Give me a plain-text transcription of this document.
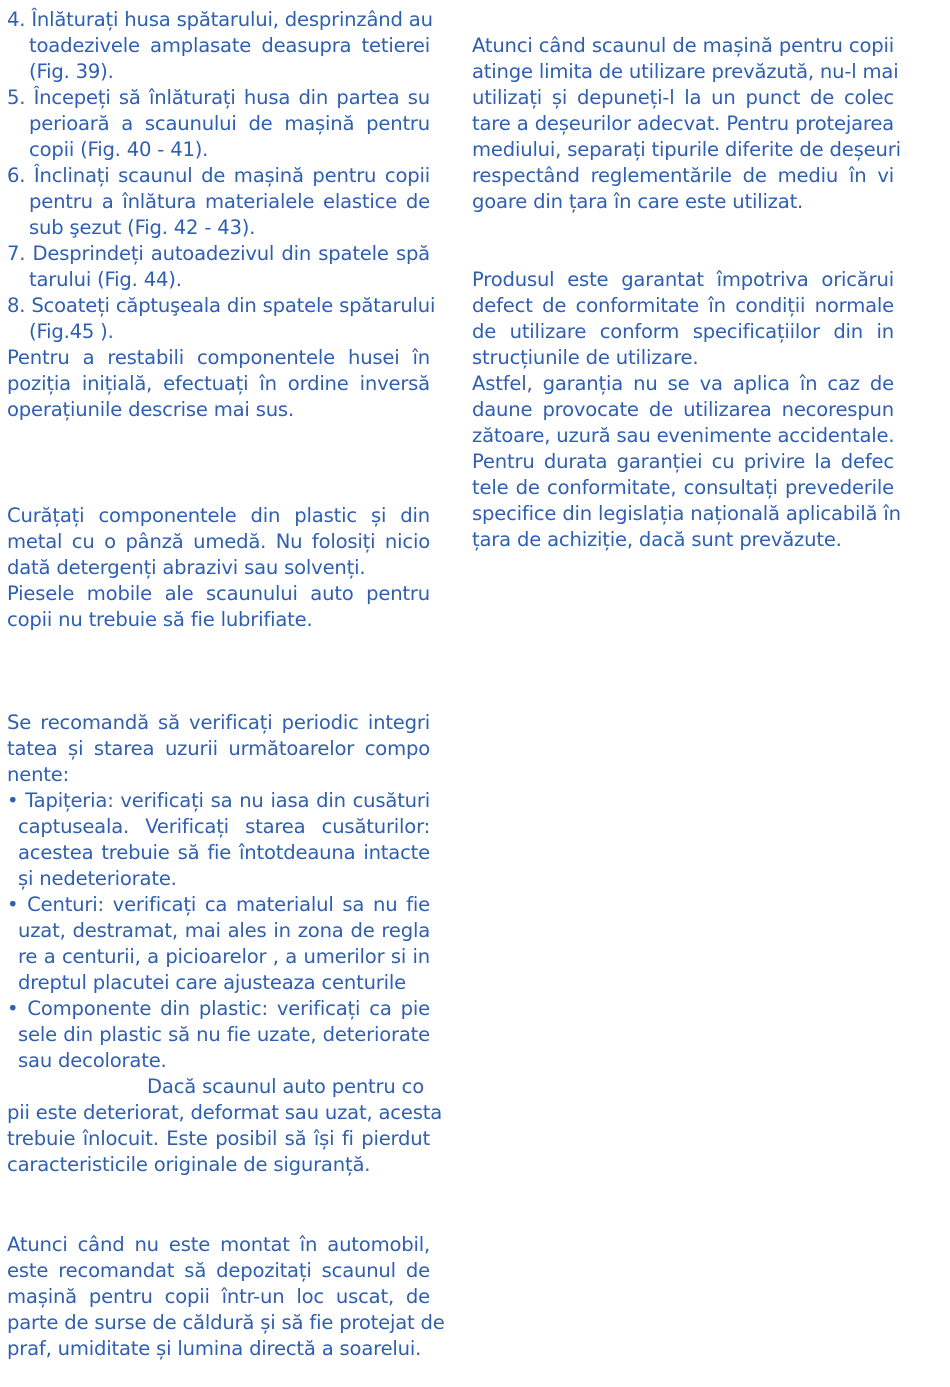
4. Înlăturați husa spătarului, desprinzând au
toadezivele amplasate deasupra tetierei
(Fig. 39).
5. Începeți să înlăturați husa din partea su
perioară a scaunului de mașină pentru
copii (Fig. 40 - 41).
6. Înclinați scaunul de mașină pentru copii
pentru a înlătura materialele elastice de
sub şezut (Fig. 42 - 43).
7. Desprindeți autoadezivul din spatele spă
tarului (Fig. 44).
8. Scoateți căptuşeala din spatele spătarului
(Fig.45 ).
Pentru a restabili componentele husei în
poziția inițială, efectuați în ordine inversă
operațiunile descrise mai sus.
Curățați componentele din plastic și din
metal cu o pânză umedă. Nu folosiți nicio
dată detergenți abrazivi sau solvenți.
Piesele mobile ale scaunului auto pentru
copii nu trebuie să fie lubrifiate.
Se recomandă să verificați periodic integri
tatea și starea uzurii următoarelor compo
nente:
• Tapițeria: verificați sa nu iasa din cusături
captuseala. Verificați starea cusăturilor:
acestea trebuie să fie întotdeauna intacte
și nedeteriorate.
• Centuri: verificați ca materialul sa nu fie
uzat, destramat, mai ales in zona de regla
re a centurii, a picioarelor , a umerilor si in
dreptul placutei care ajusteaza centurile
• Componente din plastic: verificați ca pie
sele din plastic să nu fie uzate, deteriorate
sau decolorate.
Dacă scaunul auto pentru co
pii este deteriorat, deformat sau uzat, acesta
trebuie înlocuit. Este posibil să își fi pierdut
caracteristicile originale de siguranță.
Atunci când nu este montat în automobil,
este recomandat să depozitați scaunul de
mașină pentru copii într-un loc uscat, de
parte de surse de căldură și să fie protejat de
praf, umiditate și lumina directă a soarelui.
Atunci când scaunul de mașină pentru copii
atinge limita de utilizare prevăzută, nu-l mai
utilizați și depuneți-l la un punct de colec
tare a deșeurilor adecvat. Pentru protejarea
mediului, separați tipurile diferite de deșeuri
respectând reglementările de mediu în vi
goare din țara în care este utilizat.
Produsul este garantat împotriva oricărui
defect de conformitate în condiții normale
de utilizare conform specificațiilor din in
strucțiunile de utilizare.
Astfel, garanția nu se va aplica în caz de
daune provocate de utilizarea necorespun
zătoare, uzură sau evenimente accidentale.
Pentru durata garanției cu privire la defec
tele de conformitate, consultați prevederile
specifice din legislația națională aplicabilă în
țara de achiziție, dacă sunt prevăzute.
